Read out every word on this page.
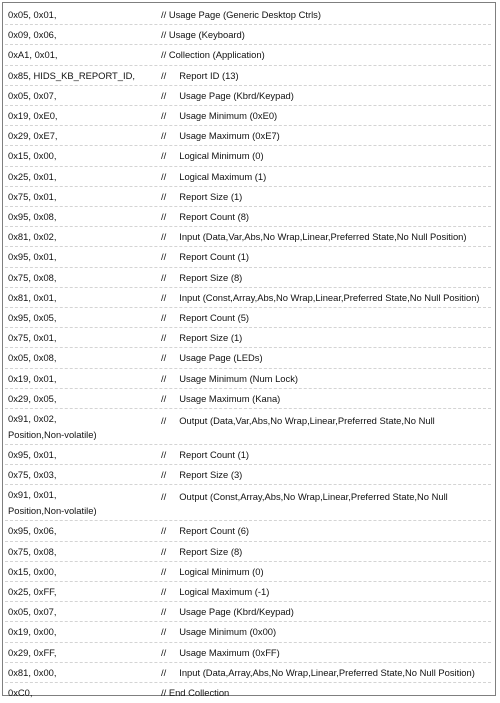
0x05, 0x01,	// Usage Page (Generic Desktop Ctrls)
0x09, 0x06,	// Usage (Keyboard)
0xA1, 0x01,	// Collection (Application)
0x85, HIDS_KB_REPORT_ID,	//     Report ID (13)
0x05, 0x07,	//     Usage Page (Kbrd/Keypad)
0x19, 0xE0,	//     Usage Minimum (0xE0)
0x29, 0xE7,	//     Usage Maximum (0xE7)
0x15, 0x00,	//     Logical Minimum (0)
0x25, 0x01,	//     Logical Maximum (1)
0x75, 0x01,	//     Report Size (1)
0x95, 0x08,	//     Report Count (8)
0x81, 0x02,	//     Input (Data,Var,Abs,No Wrap,Linear,Preferred State,No Null Position)
0x95, 0x01,	//     Report Count (1)
0x75, 0x08,	//     Report Size (8)
0x81, 0x01,	//     Input (Const,Array,Abs,No Wrap,Linear,Preferred State,No Null Position)
0x95, 0x05,	//     Report Count (5)
0x75, 0x01,	//     Report Size (1)
0x05, 0x08,	//     Usage Page (LEDs)
0x19, 0x01,	//     Usage Minimum (Num Lock)
0x29, 0x05,	//     Usage Maximum (Kana)
0x91, 0x02,	//     Output (Data,Var,Abs,No Wrap,Linear,Preferred State,No Null
Position,Non-volatile)
0x95, 0x01,	//     Report Count (1)
0x75, 0x03,	//     Report Size (3)
0x91, 0x01,	//     Output (Const,Array,Abs,No Wrap,Linear,Preferred State,No Null
Position,Non-volatile)
0x95, 0x06,	//     Report Count (6)
0x75, 0x08,	//     Report Size (8)
0x15, 0x00,	//     Logical Minimum (0)
0x25, 0xFF,	//     Logical Maximum (-1)
0x05, 0x07,	//     Usage Page (Kbrd/Keypad)
0x19, 0x00,	//     Usage Minimum (0x00)
0x29, 0xFF,	//     Usage Maximum (0xFF)
0x81, 0x00,	//     Input (Data,Array,Abs,No Wrap,Linear,Preferred State,No Null Position)
0xC0,	// End Collection
